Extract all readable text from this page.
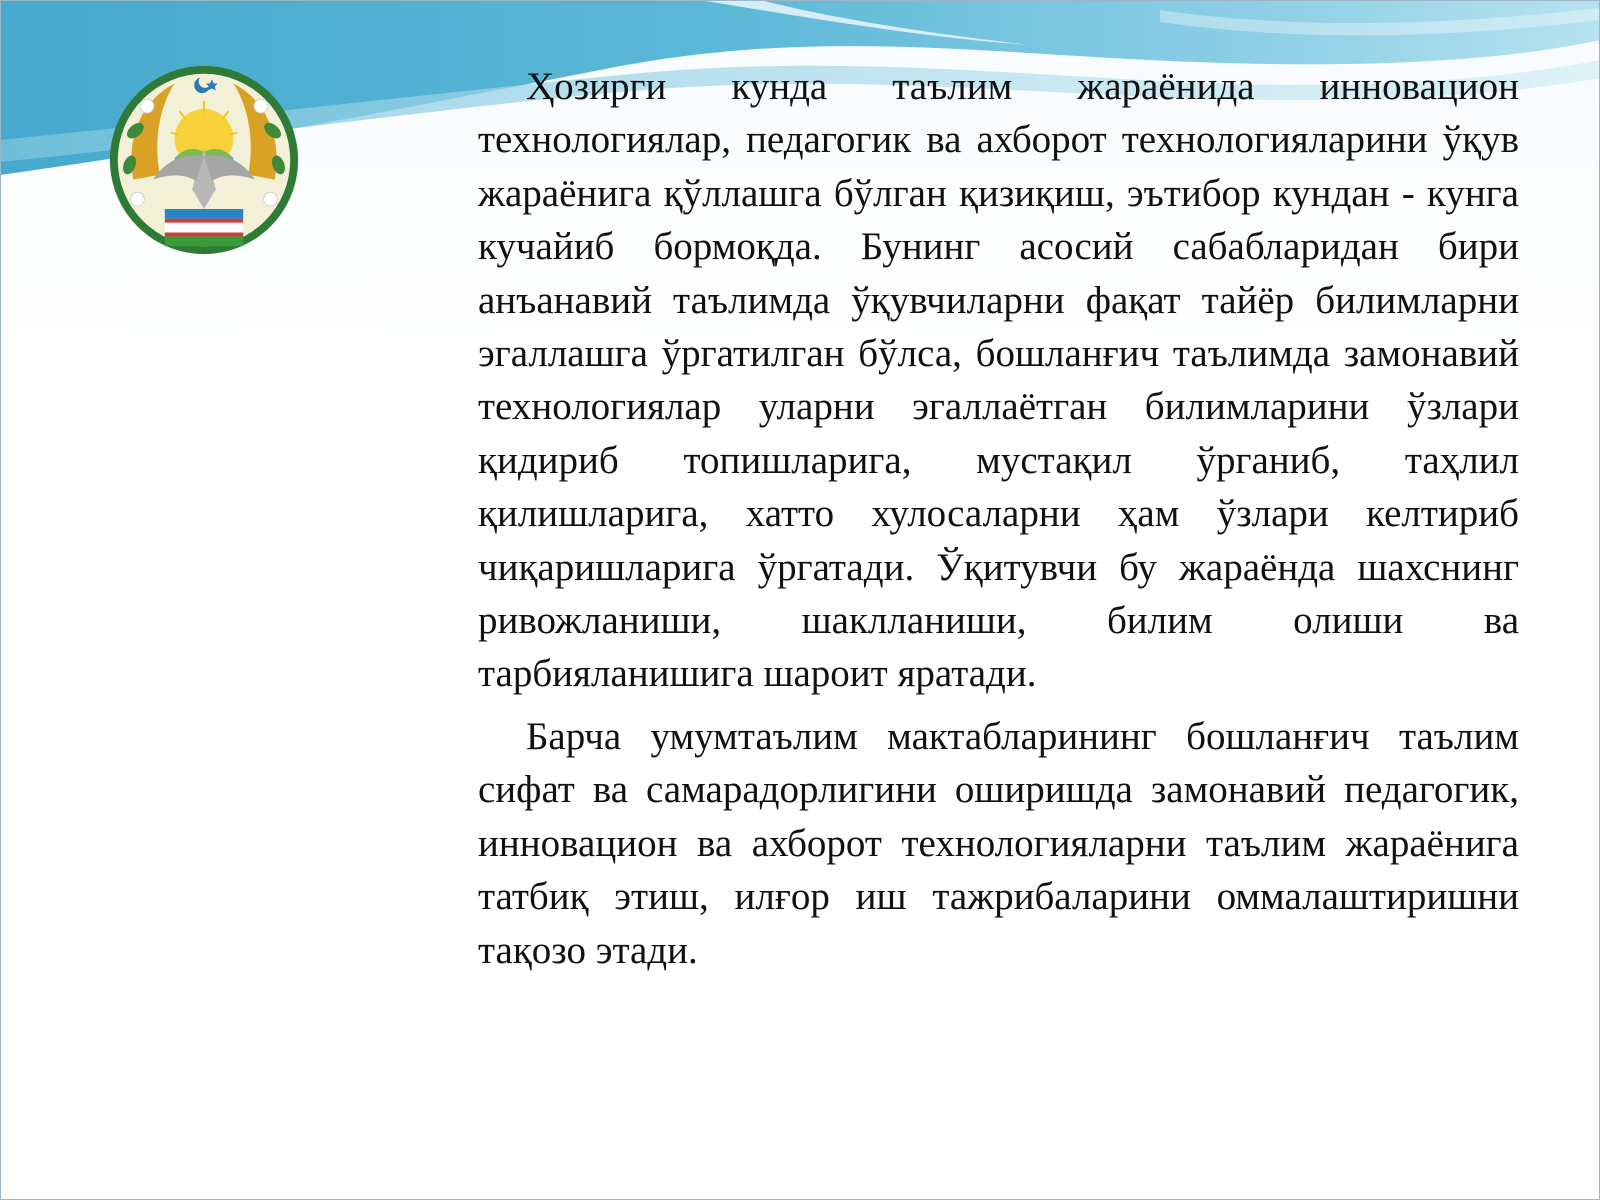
Ҳозирги кунда таълим жараёнида инновацион технологиялар, педагогик ва ахборот технологияларини ўқув жараёнига қўллашга бўлган қизиқиш, эътибор кундан - кунга кучайиб бормоқда. Бунинг асосий сабабларидан бири анъанавий таълимда ўқувчиларни фақат тайёр билимларни эгаллашга ўргатилган бўлса, бошланғич таълимда замонавий технологиялар уларни эгаллаётган билимларини ўзлари қидириб топишларига, мустақил ўрганиб, таҳлил қилишларига, хатто хулосаларни ҳам ўзлари келтириб чиқаришларига ўргатади. Ўқитувчи бу жараёнда шахснинг ривожланиши, шаклланиши, билим олиши ва тарбияланишига шароит яратади.

Барча умумтаълим мактабларининг бошланғич таълим сифат ва самарадорлигини оширишда замонавий педагогик, инновацион ва ахборот технологияларни таълим жараёнига татбиқ этиш, илғор иш тажрибаларини оммалаштиришни тақозо этади.
